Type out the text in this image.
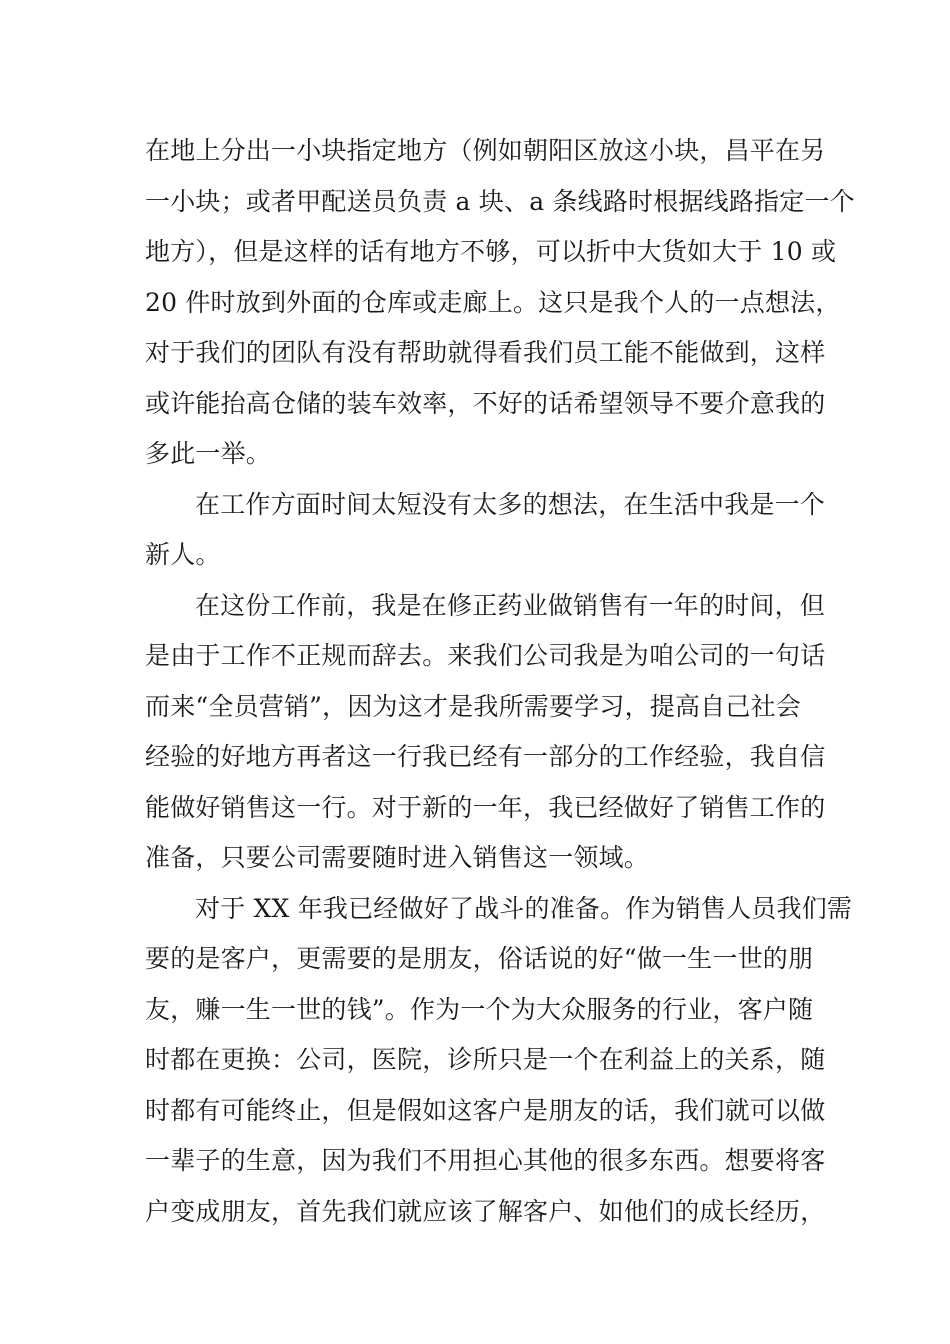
在地上分出一小块指定地方（例如朝阳区放这小块，昌平在另
一小块；或者甲配送员负责 a 块、a 条线路时根据线路指定一个
地方），但是这样的话有地方不够，可以折中大货如大于 10 或
20 件时放到外面的仓库或走廊上。这只是我个人的一点想法，
对于我们的团队有没有帮助就得看我们员工能不能做到，这样
或许能抬高仓储的装车效率，不好的话希望领导不要介意我的
多此一举。
在工作方面时间太短没有太多的想法，在生活中我是一个
新人。
在这份工作前，我是在修正药业做销售有一年的时间，但
是由于工作不正规而辞去。来我们公司我是为咱公司的一句话
而来“全员营销”，因为这才是我所需要学习，提高自己社会
经验的好地方再者这一行我已经有一部分的工作经验，我自信
能做好销售这一行。对于新的一年，我已经做好了销售工作的
准备，只要公司需要随时进入销售这一领域。
对于 XX 年我已经做好了战斗的准备。作为销售人员我们需
要的是客户，更需要的是朋友，俗话说的好“做一生一世的朋
友，赚一生一世的钱”。作为一个为大众服务的行业，客户随
时都在更换：公司，医院，诊所只是一个在利益上的关系，随
时都有可能终止，但是假如这客户是朋友的话，我们就可以做
一辈子的生意，因为我们不用担心其他的很多东西。想要将客
户变成朋友，首先我们就应该了解客户、如他们的成长经历，
